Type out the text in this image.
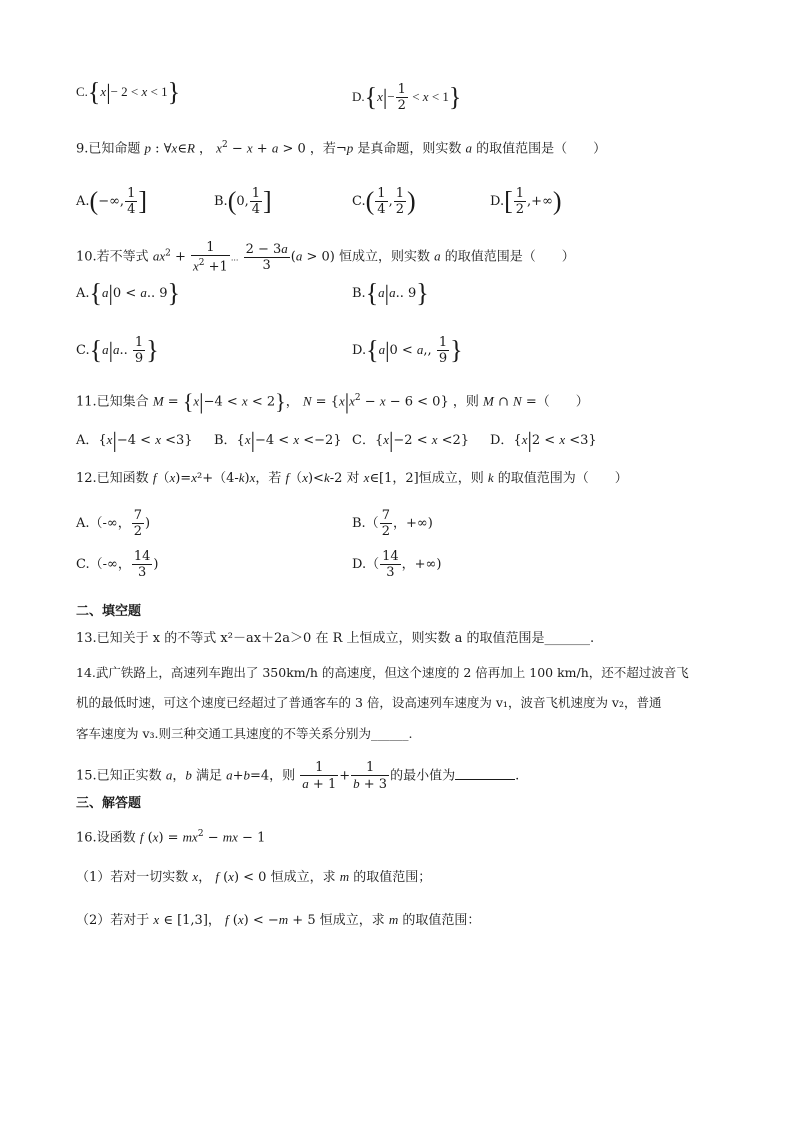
C.{x|− 2 < x < 1}	$D.\{x|- \frac{1}{2} < x < 1\}$
9.已知命题 p : ∀x∈R ， $x^2 - x + a > 0$ ，若¬p 是真命题，则实数 a 的取值范围是（　　）
A.(−∞, $\frac{1}{4}$ ]	B.(0, $\frac{1}{4}$ ]	$C.( \frac{1}{4}$ , $\frac{1}{2}$ )	$D.[ \frac{1}{2}$ ,+∞)
10.若不等式 $ax^2 + \frac{1}{x^2 +1}$ ... $\frac{2 - 3a}{3} (a > 0)$ 恒成立，则实数 a 的取值范围是（　　）
A.{a|0 < a.. 9}	B.{a|a.. 9}
C.{a|a.. $\frac{1}{9}$ }	D.{a|0 < a,, $\frac{1}{9}$ }
11.已知集合 M = {x|−4 < x < 2}， $N = \{x|x^2 - x - 6 < 0\}$ ，则 M ∩ N =（　　）
A．{x|−4 < x <3} B．{x|−4 < x <−2} C．{x|−2 < x <2} D．{x|2 < x <3}
12.已知函数 f（x)=x²+（4-k)x，若 f（x)<k-2 对 x∈[1，2]恒成立，则 k 的取值范围为（　　）
A.（-∞， $\frac{7}{2}$ )	$B.( \frac{7}{2}$ ，+∞)
C.（-∞， $\frac{14}{3}$ )	$D.( \frac{14}{3}$ ，+∞)
二、填空题
13.已知关于 x 的不等式 x²－ax＋2a＞0 在 R 上恒成立，则实数 a 的取值范围是_______.
14.武广铁路上，高速列车跑出了 350km/h 的高速度，但这个速度的 2 倍再加上 100 km/h，还不超过波音飞
机的最低时速，可这个速度已经超过了普通客车的 3 倍，设高速列车速度为 v₁，波音飞机速度为 v₂，普通
客车速度为 v₃.则三种交通工具速度的不等关系分别为______.
15.已知正实数 a，b 满足 a+b=4，则 $\frac{1}{a + 1} + \frac{1}{b + 3}$ 的最小值为	.
三、解答题
16.设函数 f $(x) = mx^2$ − mx − 1
（1）若对一切实数 x， f (x) < 0 恒成立，求 m 的取值范围；
（2）若对于 x ∈ [1,3]， f (x) < −m + 5 恒成立，求 m 的取值范围：
